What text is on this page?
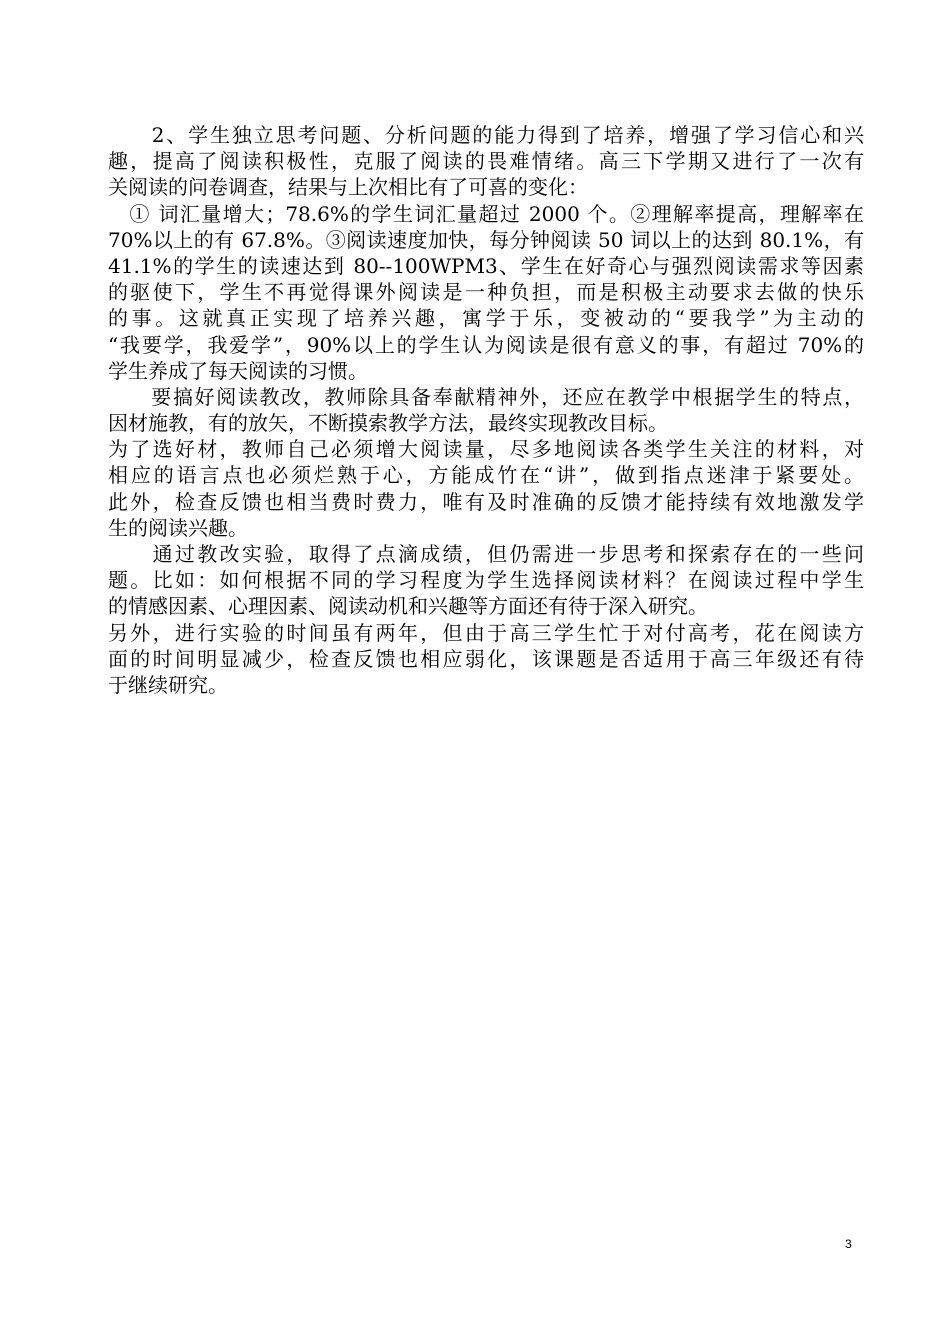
　　2、学生独立思考问题、分析问题的能力得到了培养，增强了学习信心和兴
趣，提高了阅读积极性，克服了阅读的畏难情绪。高三下学期又进行了一次有
关阅读的问卷调查，结果与上次相比有了可喜的变化：
　① 词汇量增大；78.6%的学生词汇量超过 2000 个。②理解率提高，理解率在
70%以上的有 67.8%。③阅读速度加快，每分钟阅读 50 词以上的达到 80.1%，有
41.1%的学生的读速达到 80--100WPM3、学生在好奇心与强烈阅读需求等因素
的驱使下，学生不再觉得课外阅读是一种负担，而是积极主动要求去做的快乐
的事。这就真正实现了培养兴趣，寓学于乐，变被动的“要我学”为主动的
“我要学，我爱学”，90%以上的学生认为阅读是很有意义的事，有超过 70%的
学生养成了每天阅读的习惯。
　　要搞好阅读教改，教师除具备奉献精神外，还应在教学中根据学生的特点，
因材施教，有的放矢，不断摸索教学方法，最终实现教改目标。
为了选好材，教师自己必须增大阅读量，尽多地阅读各类学生关注的材料，对
相应的语言点也必须烂熟于心，方能成竹在“讲”，做到指点迷津于紧要处。
此外，检查反馈也相当费时费力，唯有及时准确的反馈才能持续有效地激发学
生的阅读兴趣。
　　通过教改实验，取得了点滴成绩，但仍需进一步思考和探索存在的一些问
题。比如：如何根据不同的学习程度为学生选择阅读材料？在阅读过程中学生
的情感因素、心理因素、阅读动机和兴趣等方面还有待于深入研究。
另外，进行实验的时间虽有两年，但由于高三学生忙于对付高考，花在阅读方
面的时间明显减少，检查反馈也相应弱化，该课题是否适用于高三年级还有待
于继续研究。
3
